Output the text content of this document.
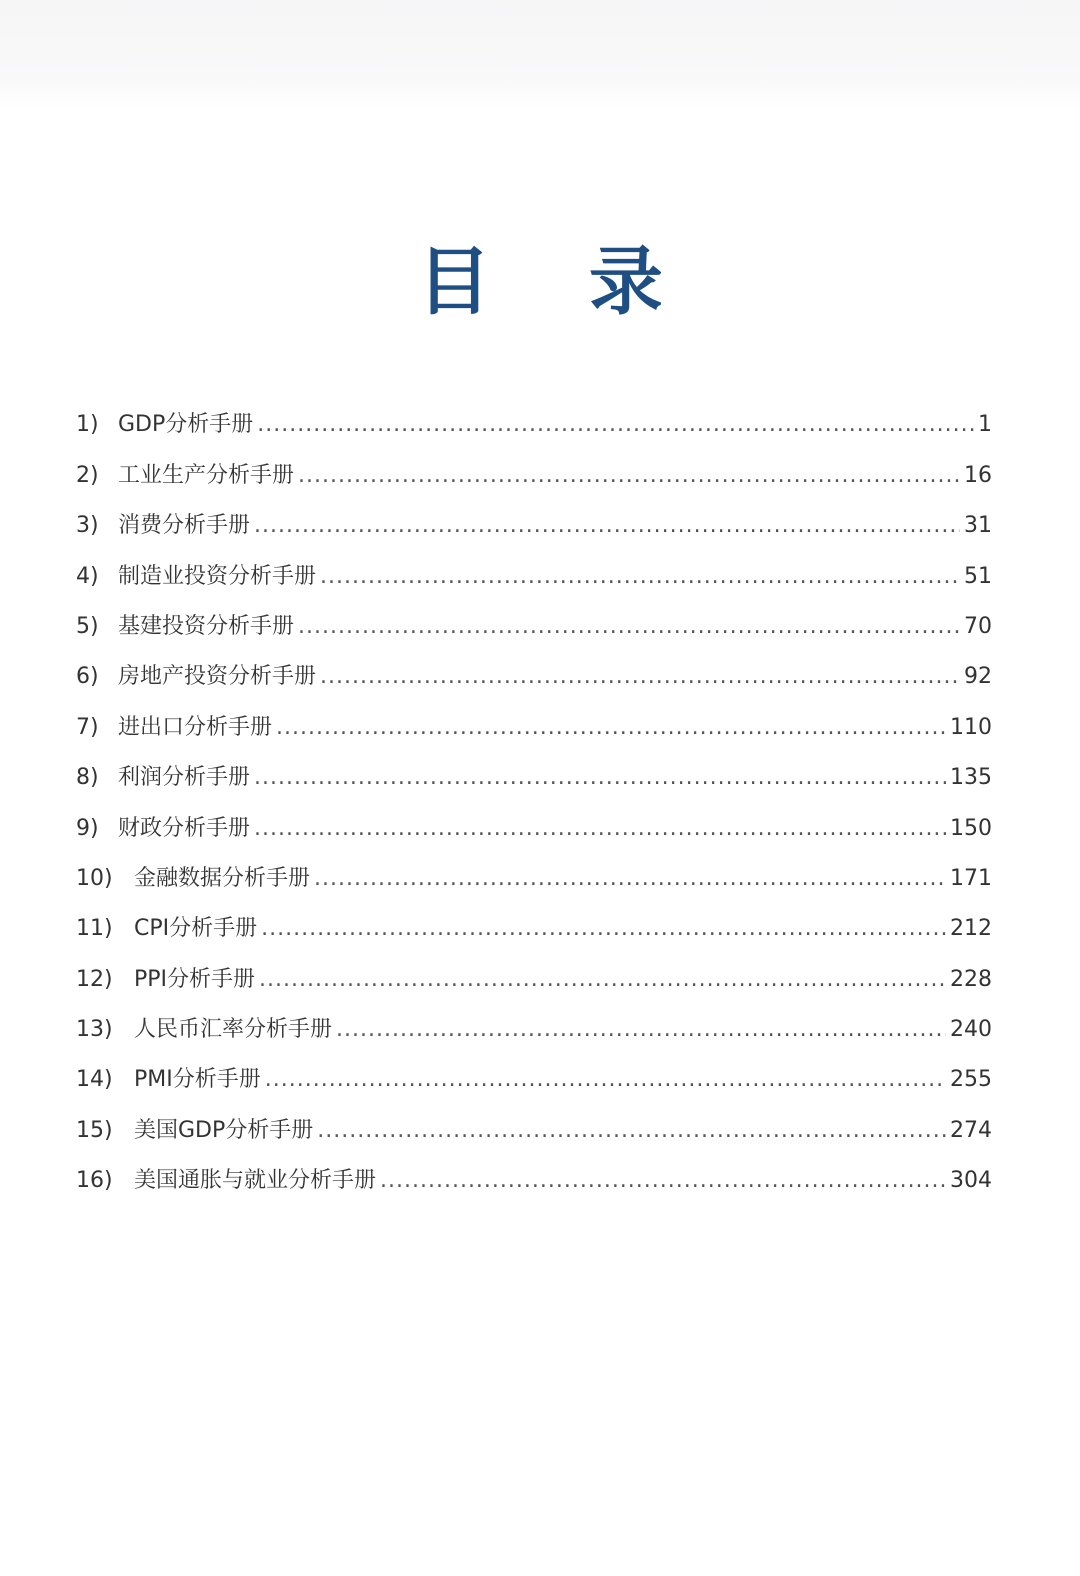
目 录
1) GDP分析手册 .....	1
2) 工业生产分析手册 .....	16
3) 消费分析手册 .....	31
4) 制造业投资分析手册 .....	51
5) 基建投资分析手册 .....	70
6) 房地产投资分析手册 .....	92
7) 进出口分析手册 .....	110
8) 利润分析手册 .....	135
9) 财政分析手册 .....	150
10) 金融数据分析手册 .....	171
11) CPI分析手册 .....	212
12) PPI分析手册 .....	228
13) 人民币汇率分析手册 .....	240
14) PMI分析手册 .....	255
15) 美国GDP分析手册 .....	274
16) 美国通胀与就业分析手册 .....	304
